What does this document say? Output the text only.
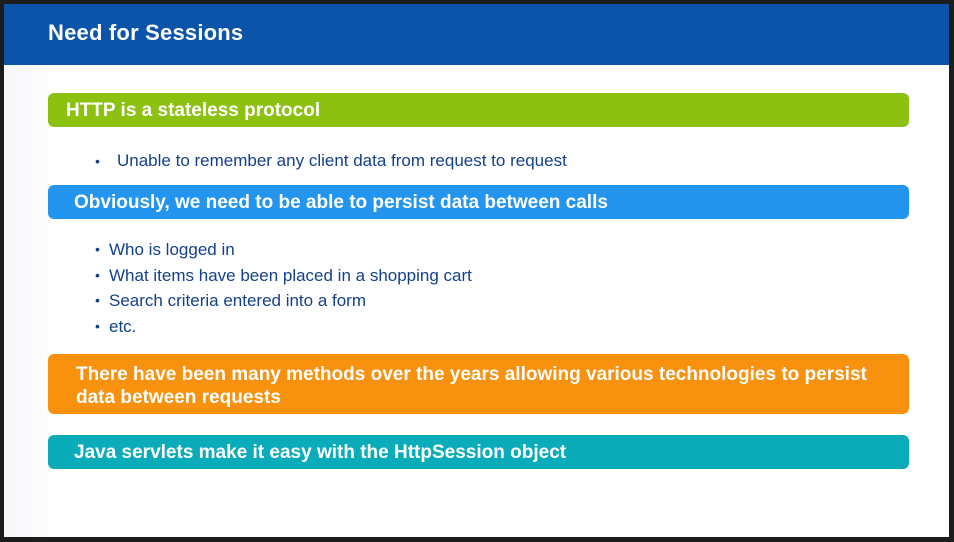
Need for Sessions
HTTP is a stateless protocol
• Unable to remember any client data from request to request
Obviously, we need to be able to persist data between calls
• Who is logged in
• What items have been placed in a shopping cart
• Search criteria entered into a form
• etc.
There have been many methods over the years allowing various technologies to persist data between requests
Java servlets make it easy with the HttpSession object
